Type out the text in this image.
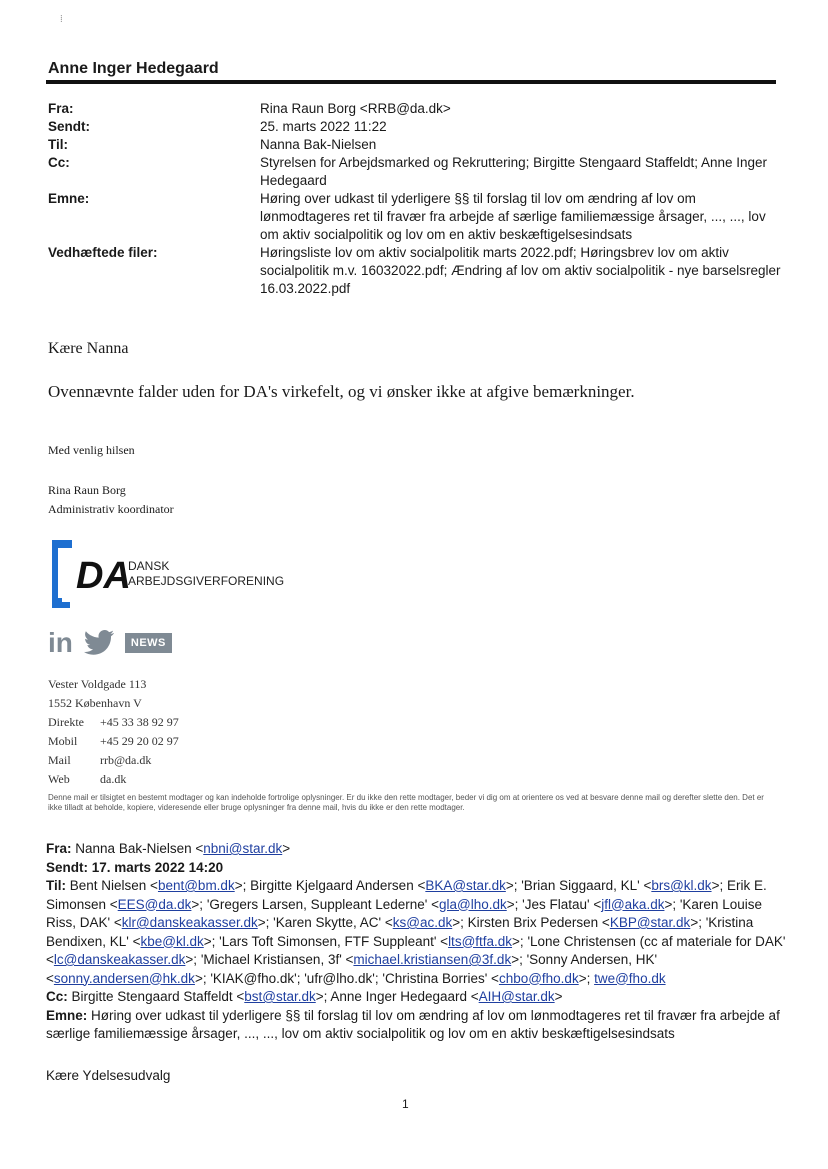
⁞
Anne Inger Hedegaard
Fra:	Rina Raun Borg <RRB@da.dk>
Sendt:	25. marts 2022 11:22
Til:	Nanna Bak-Nielsen
Cc:	Styrelsen for Arbejdsmarked og Rekruttering; Birgitte Stengaard Staffeldt; Anne Inger Hedegaard
Emne:	Høring over udkast til yderligere §§ til forslag til lov om ændring af lov om lønmodtageres ret til fravær fra arbejde af særlige familiemæssige årsager, ..., ..., lov om aktiv socialpolitik og lov om en aktiv beskæftigelsesindsats
Vedhæftede filer:	Høringsliste lov om aktiv socialpolitik marts 2022.pdf; Høringsbrev lov om aktiv socialpolitik m.v. 16032022.pdf; Ændring af lov om aktiv socialpolitik - nye barselsregler 16.03.2022.pdf
Kære Nanna
Ovennævnte falder uden for DA's virkefelt, og vi ønsker ikke at afgive bemærkninger.
Med venlig hilsen
Rina Raun Borg
Administrativ koordinator
DA
DANSK
ARBEJDSGIVERFORENING
in	NEWS
Vester Voldgade 113
1552 København V
Direkte	+45 33 38 92 97
Mobil	+45 29 20 02 97
Mail	rrb@da.dk
Web	da.dk
Denne mail er tilsigtet en bestemt modtager og kan indeholde fortrolige oplysninger. Er du ikke den rette modtager, beder vi dig om at orientere os ved at besvare denne mail og derefter slette den. Det er ikke tilladt at beholde, kopiere, videresende eller bruge oplysninger fra denne mail, hvis du ikke er den rette modtager.
Fra: Nanna Bak-Nielsen <nbni@star.dk>
Sendt: 17. marts 2022 14:20
Til: Bent Nielsen <bent@bm.dk>; Birgitte Kjelgaard Andersen <BKA@star.dk>; 'Brian Siggaard, KL' <brs@kl.dk>; Erik E. Simonsen <EES@da.dk>; 'Gregers Larsen, Suppleant Lederne' <gla@lho.dk>; 'Jes Flatau' <jfl@aka.dk>; 'Karen Louise Riss, DAK' <klr@danskeakasser.dk>; 'Karen Skytte, AC' <ks@ac.dk>; Kirsten Brix Pedersen <KBP@star.dk>; 'Kristina Bendixen, KL' <kbe@kl.dk>; 'Lars Toft Simonsen, FTF Suppleant' <lts@ftfa.dk>; 'Lone Christensen (cc af materiale for DAK' <lc@danskeakasser.dk>; 'Michael Kristiansen, 3f' <michael.kristiansen@3f.dk>; 'Sonny Andersen, HK' <sonny.andersen@hk.dk>; 'KIAK@fho.dk'; 'ufr@lho.dk'; 'Christina Borries' <chbo@fho.dk>; twe@fho.dk
Cc: Birgitte Stengaard Staffeldt <bst@star.dk>; Anne Inger Hedegaard <AIH@star.dk>
Emne: Høring over udkast til yderligere §§ til forslag til lov om ændring af lov om lønmodtageres ret til fravær fra arbejde af særlige familiemæssige årsager, ..., ..., lov om aktiv socialpolitik og lov om en aktiv beskæftigelsesindsats
Kære Ydelsesudvalg
1
